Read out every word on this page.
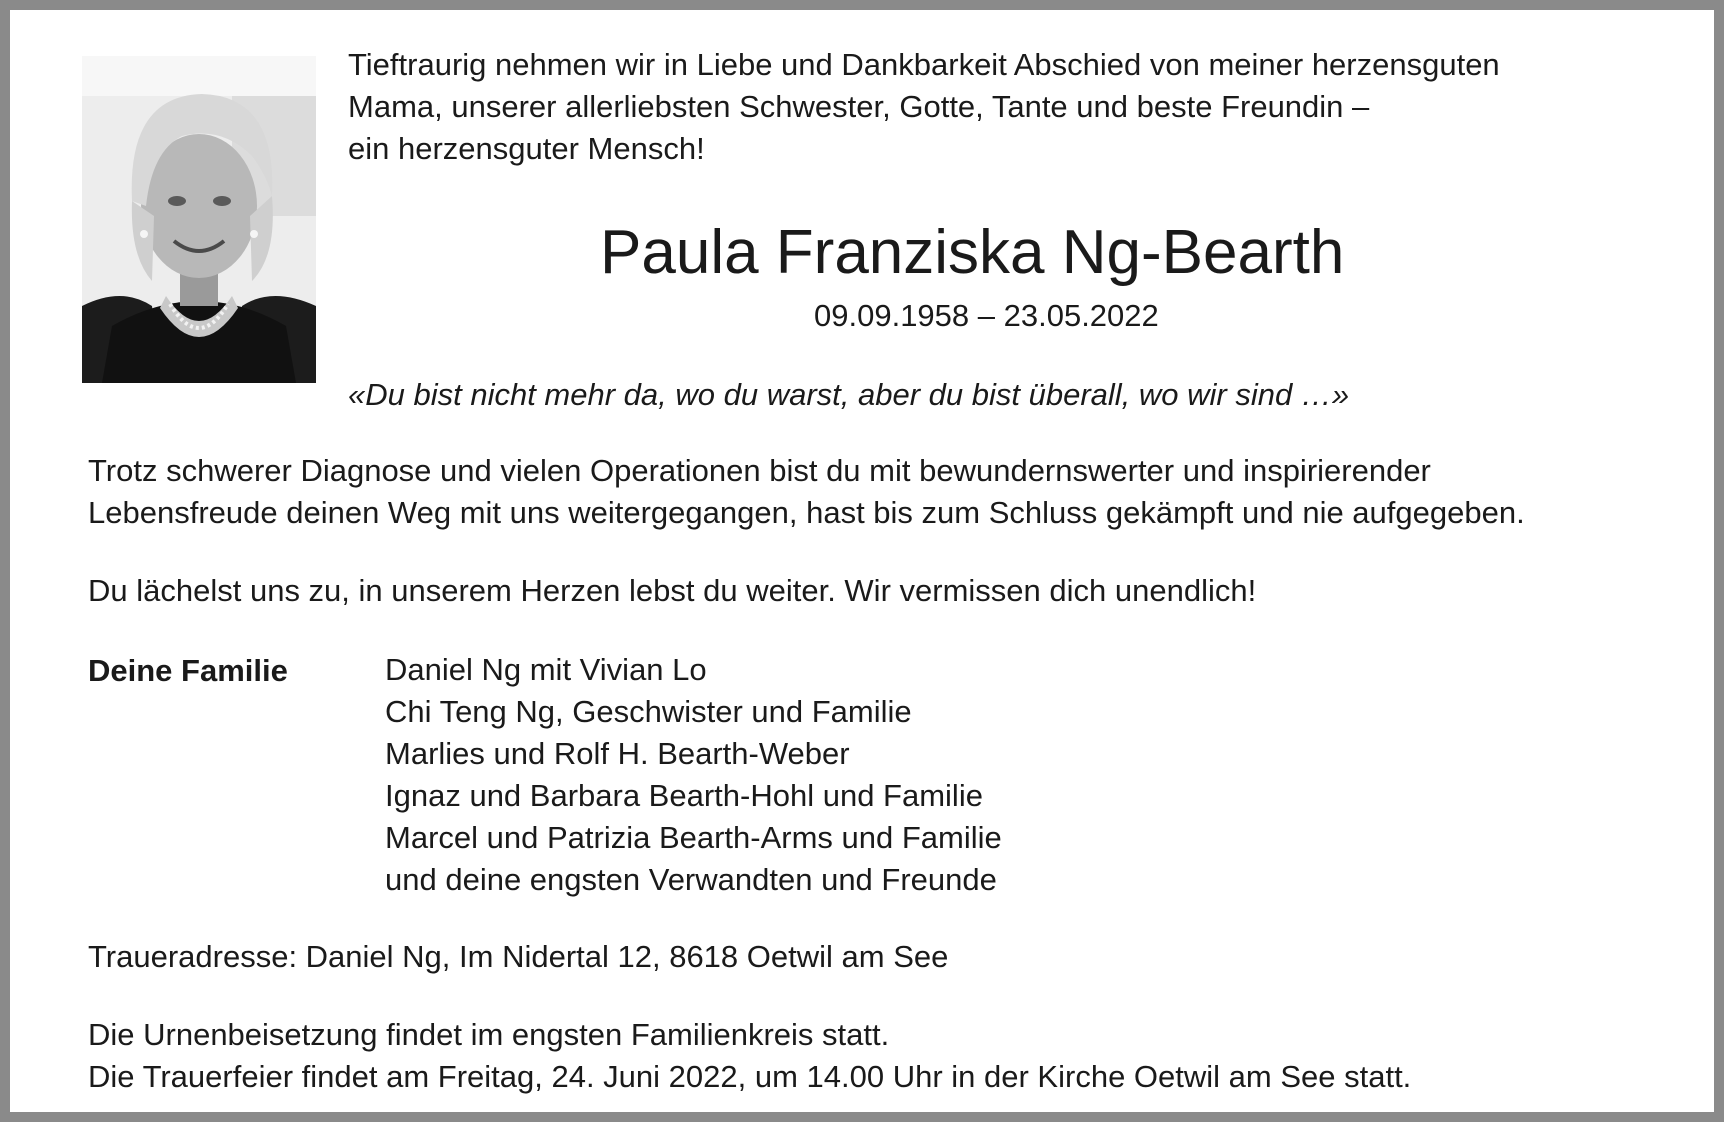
Tieftraurig nehmen wir in Liebe und Dankbarkeit Abschied von meiner herzensguten
Mama, unserer allerliebsten Schwester, Gotte, Tante und beste Freundin –
ein herzensguter Mensch!
Paula Franziska Ng-Bearth
09.09.1958 – 23.05.2022
«Du bist nicht mehr da, wo du warst, aber du bist überall, wo wir sind …»
Trotz schwerer Diagnose und vielen Operationen bist du mit bewundernswerter und inspirierender
Lebensfreude deinen Weg mit uns weitergegangen, hast bis zum Schluss gekämpft und nie aufgegeben.
Du lächelst uns zu, in unserem Herzen lebst du weiter. Wir vermissen dich unendlich!
Deine Familie	Daniel Ng mit Vivian Lo
Chi Teng Ng, Geschwister und Familie
Marlies und Rolf H. Bearth-Weber
Ignaz und Barbara Bearth-Hohl und Familie
Marcel und Patrizia Bearth-Arms und Familie
und deine engsten Verwandten und Freunde
Traueradresse: Daniel Ng, Im Nidertal 12, 8618 Oetwil am See
Die Urnenbeisetzung findet im engsten Familienkreis statt.
Die Trauerfeier findet am Freitag, 24. Juni 2022, um 14.00 Uhr in der Kirche Oetwil am See statt.
